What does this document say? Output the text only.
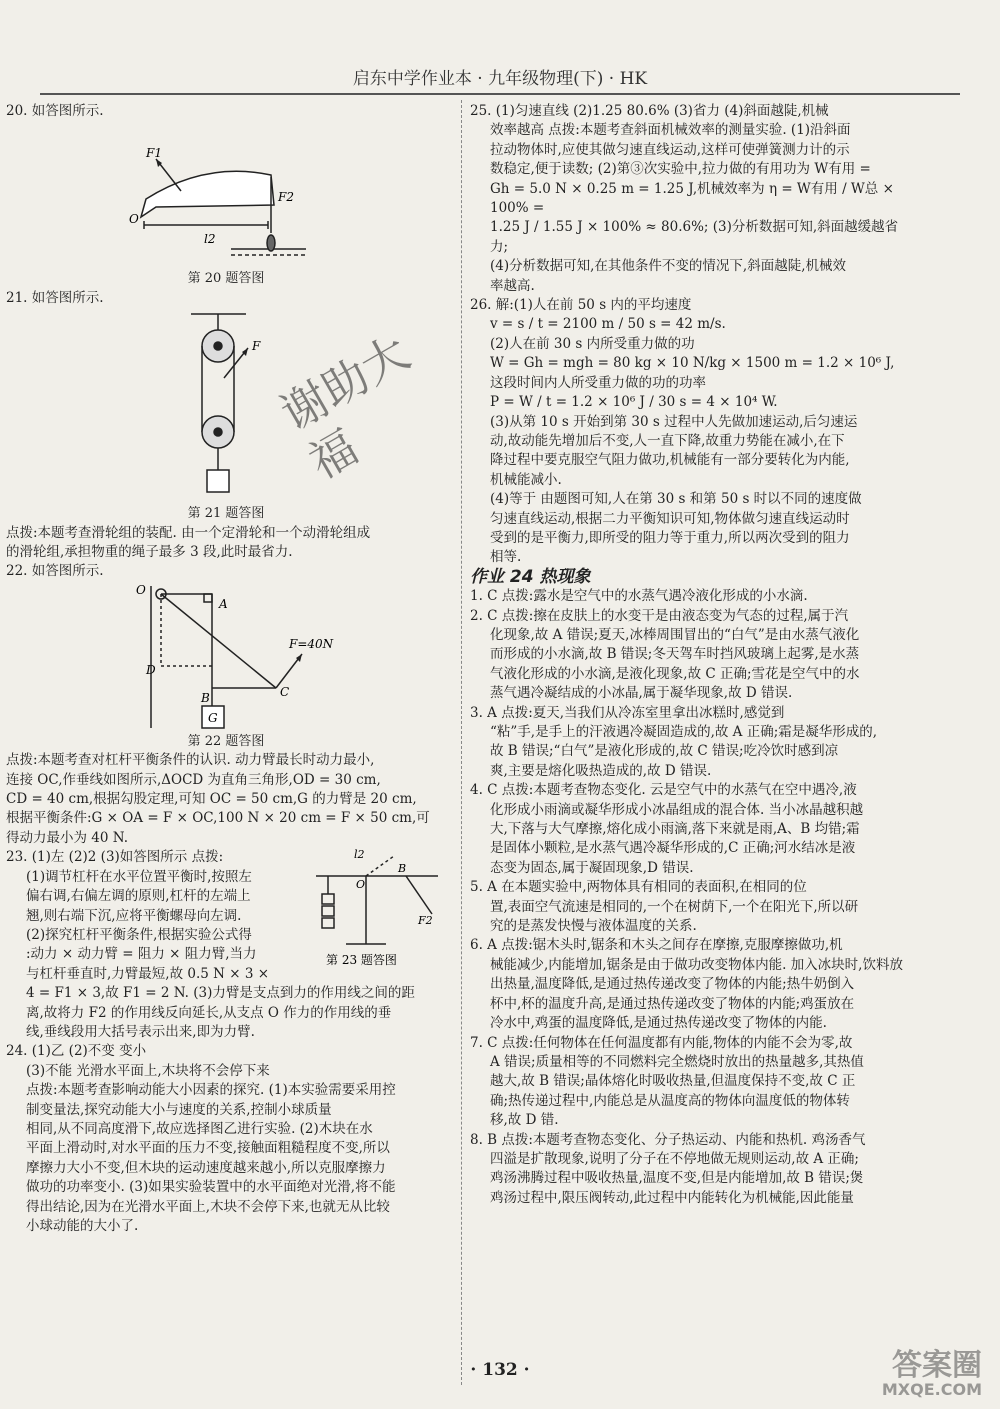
启东中学作业本 · 九年级物理(下) · HK

20. 如答图所示.

F1
F2
O
l2

第 20 题答图

21. 如答图所示.

F

第 21 题答图

点拨:本题考查滑轮组的装配. 由一个定滑轮和一个动滑轮组成

的滑轮组,承担物重的绳子最多 3 段,此时最省力.

22. 如答图所示.

O
A
D
B	C
G
F=40N

第 22 题答图

点拨:本题考查对杠杆平衡条件的认识. 动力臂最长时动力最小,

连接 OC,作垂线如图所示,ΔOCD 为直角三角形,OD = 30 cm,

CD = 40 cm,根据勾股定理,可知 OC = 50 cm,G 的力臂是 20 cm,

根据平衡条件:G × OA = F × OC,100 N × 20 cm = F × 50 cm,可

得动力最小为 40 N.

23. (1)左 (2)2 (3)如答图所示 点拨:

(1)调节杠杆在水平位置平衡时,按照左

偏右调,右偏左调的原则,杠杆的左端上

翘,则右端下沉,应将平衡螺母向左调.

(2)探究杠杆平衡条件,根据实验公式得

:动力 × 动力臂 = 阻力 × 阻力臂,当力

与杠杆垂直时,力臂最短,故 0.5 N × 3 ×

4 = F1 × 3,故 F1 = 2 N. (3)力臂是支点到力的作用线之间的距

离,故将力 F2 的作用线反向延长,从支点 O 作力的作用线的垂

线,垂线段用大括号表示出来,即为力臂.

l2
B
O
F2
第 23 题答图

24. (1)乙 (2)不变 变小

(3)不能 光滑水平面上,木块将不会停下来

点拨:本题考查影响动能大小因素的探究. (1)本实验需要采用控

制变量法,探究动能大小与速度的关系,控制小球质量

相同,从不同高度滑下,故应选择图乙进行实验. (2)木块在水

平面上滑动时,对水平面的压力不变,接触面粗糙程度不变,所以

摩擦力大小不变,但木块的运动速度越来越小,所以克服摩擦力

做功的功率变小. (3)如果实验装置中的水平面绝对光滑,将不能

得出结论,因为在光滑水平面上,木块不会停下来,也就无从比较

小球动能的大小了.

25. (1)匀速直线 (2)1.25 80.6% (3)省力 (4)斜面越陡,机械

效率越高 点拨:本题考查斜面机械效率的测量实验. (1)沿斜面

拉动物体时,应使其做匀速直线运动,这样可使弹簧测力计的示

数稳定,便于读数; (2)第③次实验中,拉力做的有用功为 W有用 =

Gh = 5.0 N × 0.25 m = 1.25 J,机械效率为 η = W有用 / W总 × 100% =

1.25 J / 1.55 J × 100% ≈ 80.6%; (3)分析数据可知,斜面越缓越省力;

(4)分析数据可知,在其他条件不变的情况下,斜面越陡,机械效

率越高.

26. 解:(1)人在前 50 s 内的平均速度

v = s / t = 2100 m / 50 s = 42 m/s.

(2)人在前 30 s 内所受重力做的功

W = Gh = mgh = 80 kg × 10 N/kg × 1500 m = 1.2 × 10⁶ J,

这段时间内人所受重力做的功的功率

P = W / t = 1.2 × 10⁶ J / 30 s = 4 × 10⁴ W.

(3)从第 10 s 开始到第 30 s 过程中人先做加速运动,后匀速运

动,故动能先增加后不变,人一直下降,故重力势能在减小,在下

降过程中要克服空气阻力做功,机械能有一部分要转化为内能,

机械能减小.

(4)等于 由题图可知,人在第 30 s 和第 50 s 时以不同的速度做

匀速直线运动,根据二力平衡知识可知,物体做匀速直线运动时

受到的是平衡力,即所受的阻力等于重力,所以两次受到的阻力

相等.

作业 24 热现象

1. C 点拨:露水是空气中的水蒸气遇冷液化形成的小水滴.

2. C 点拨:擦在皮肤上的水变干是由液态变为气态的过程,属于汽

化现象,故 A 错误;夏天,冰棒周围冒出的“白气”是由水蒸气液化

而形成的小水滴,故 B 错误;冬天驾车时挡风玻璃上起雾,是水蒸

气液化形成的小水滴,是液化现象,故 C 正确;雪花是空气中的水

蒸气遇冷凝结成的小冰晶,属于凝华现象,故 D 错误.

3. A 点拨:夏天,当我们从冷冻室里拿出冰糕时,感觉到

“粘”手,是手上的汗液遇冷凝固造成的,故 A 正确;霜是凝华形成的,

故 B 错误;“白气”是液化形成的,故 C 错误;吃冷饮时感到凉

爽,主要是熔化吸热造成的,故 D 错误.

4. C 点拨:本题考查物态变化. 云是空气中的水蒸气在空中遇冷,液

化形成小雨滴或凝华形成小冰晶组成的混合体. 当小冰晶越积越

大,下落与大气摩擦,熔化成小雨滴,落下来就是雨,A、B 均错;霜

是固体小颗粒,是水蒸气遇冷凝华形成的,C 正确;河水结冰是液

态变为固态,属于凝固现象,D 错误.

5. A 在本题实验中,两物体具有相同的表面积,在相同的位

置,表面空气流速是相同的,一个在树荫下,一个在阳光下,所以研

究的是蒸发快慢与液体温度的关系.

6. A 点拨:锯木头时,锯条和木头之间存在摩擦,克服摩擦做功,机

械能减少,内能增加,锯条是由于做功改变物体内能. 加入冰块时,饮料放

出热量,温度降低,是通过热传递改变了物体的内能;热牛奶倒入

杯中,杯的温度升高,是通过热传递改变了物体的内能;鸡蛋放在

冷水中,鸡蛋的温度降低,是通过热传递改变了物体的内能.

7. C 点拨:任何物体在任何温度都有内能,物体的内能不会为零,故

A 错误;质量相等的不同燃料完全燃烧时放出的热量越多,其热值

越大,故 B 错误;晶体熔化时吸收热量,但温度保持不变,故 C 正

确;热传递过程中,内能总是从温度高的物体向温度低的物体转

移,故 D 错.

8. B 点拨:本题考查物态变化、分子热运动、内能和热机. 鸡汤香气

四溢是扩散现象,说明了分子在不停地做无规则运动,故 A 正确;

鸡汤沸腾过程中吸收热量,温度不变,但是内能增加,故 B 错误;煲

鸡汤过程中,限压阀转动,此过程中内能转化为机械能,因此能量

谢助大福
· 132 ·	答案圈
MXQE.COM
